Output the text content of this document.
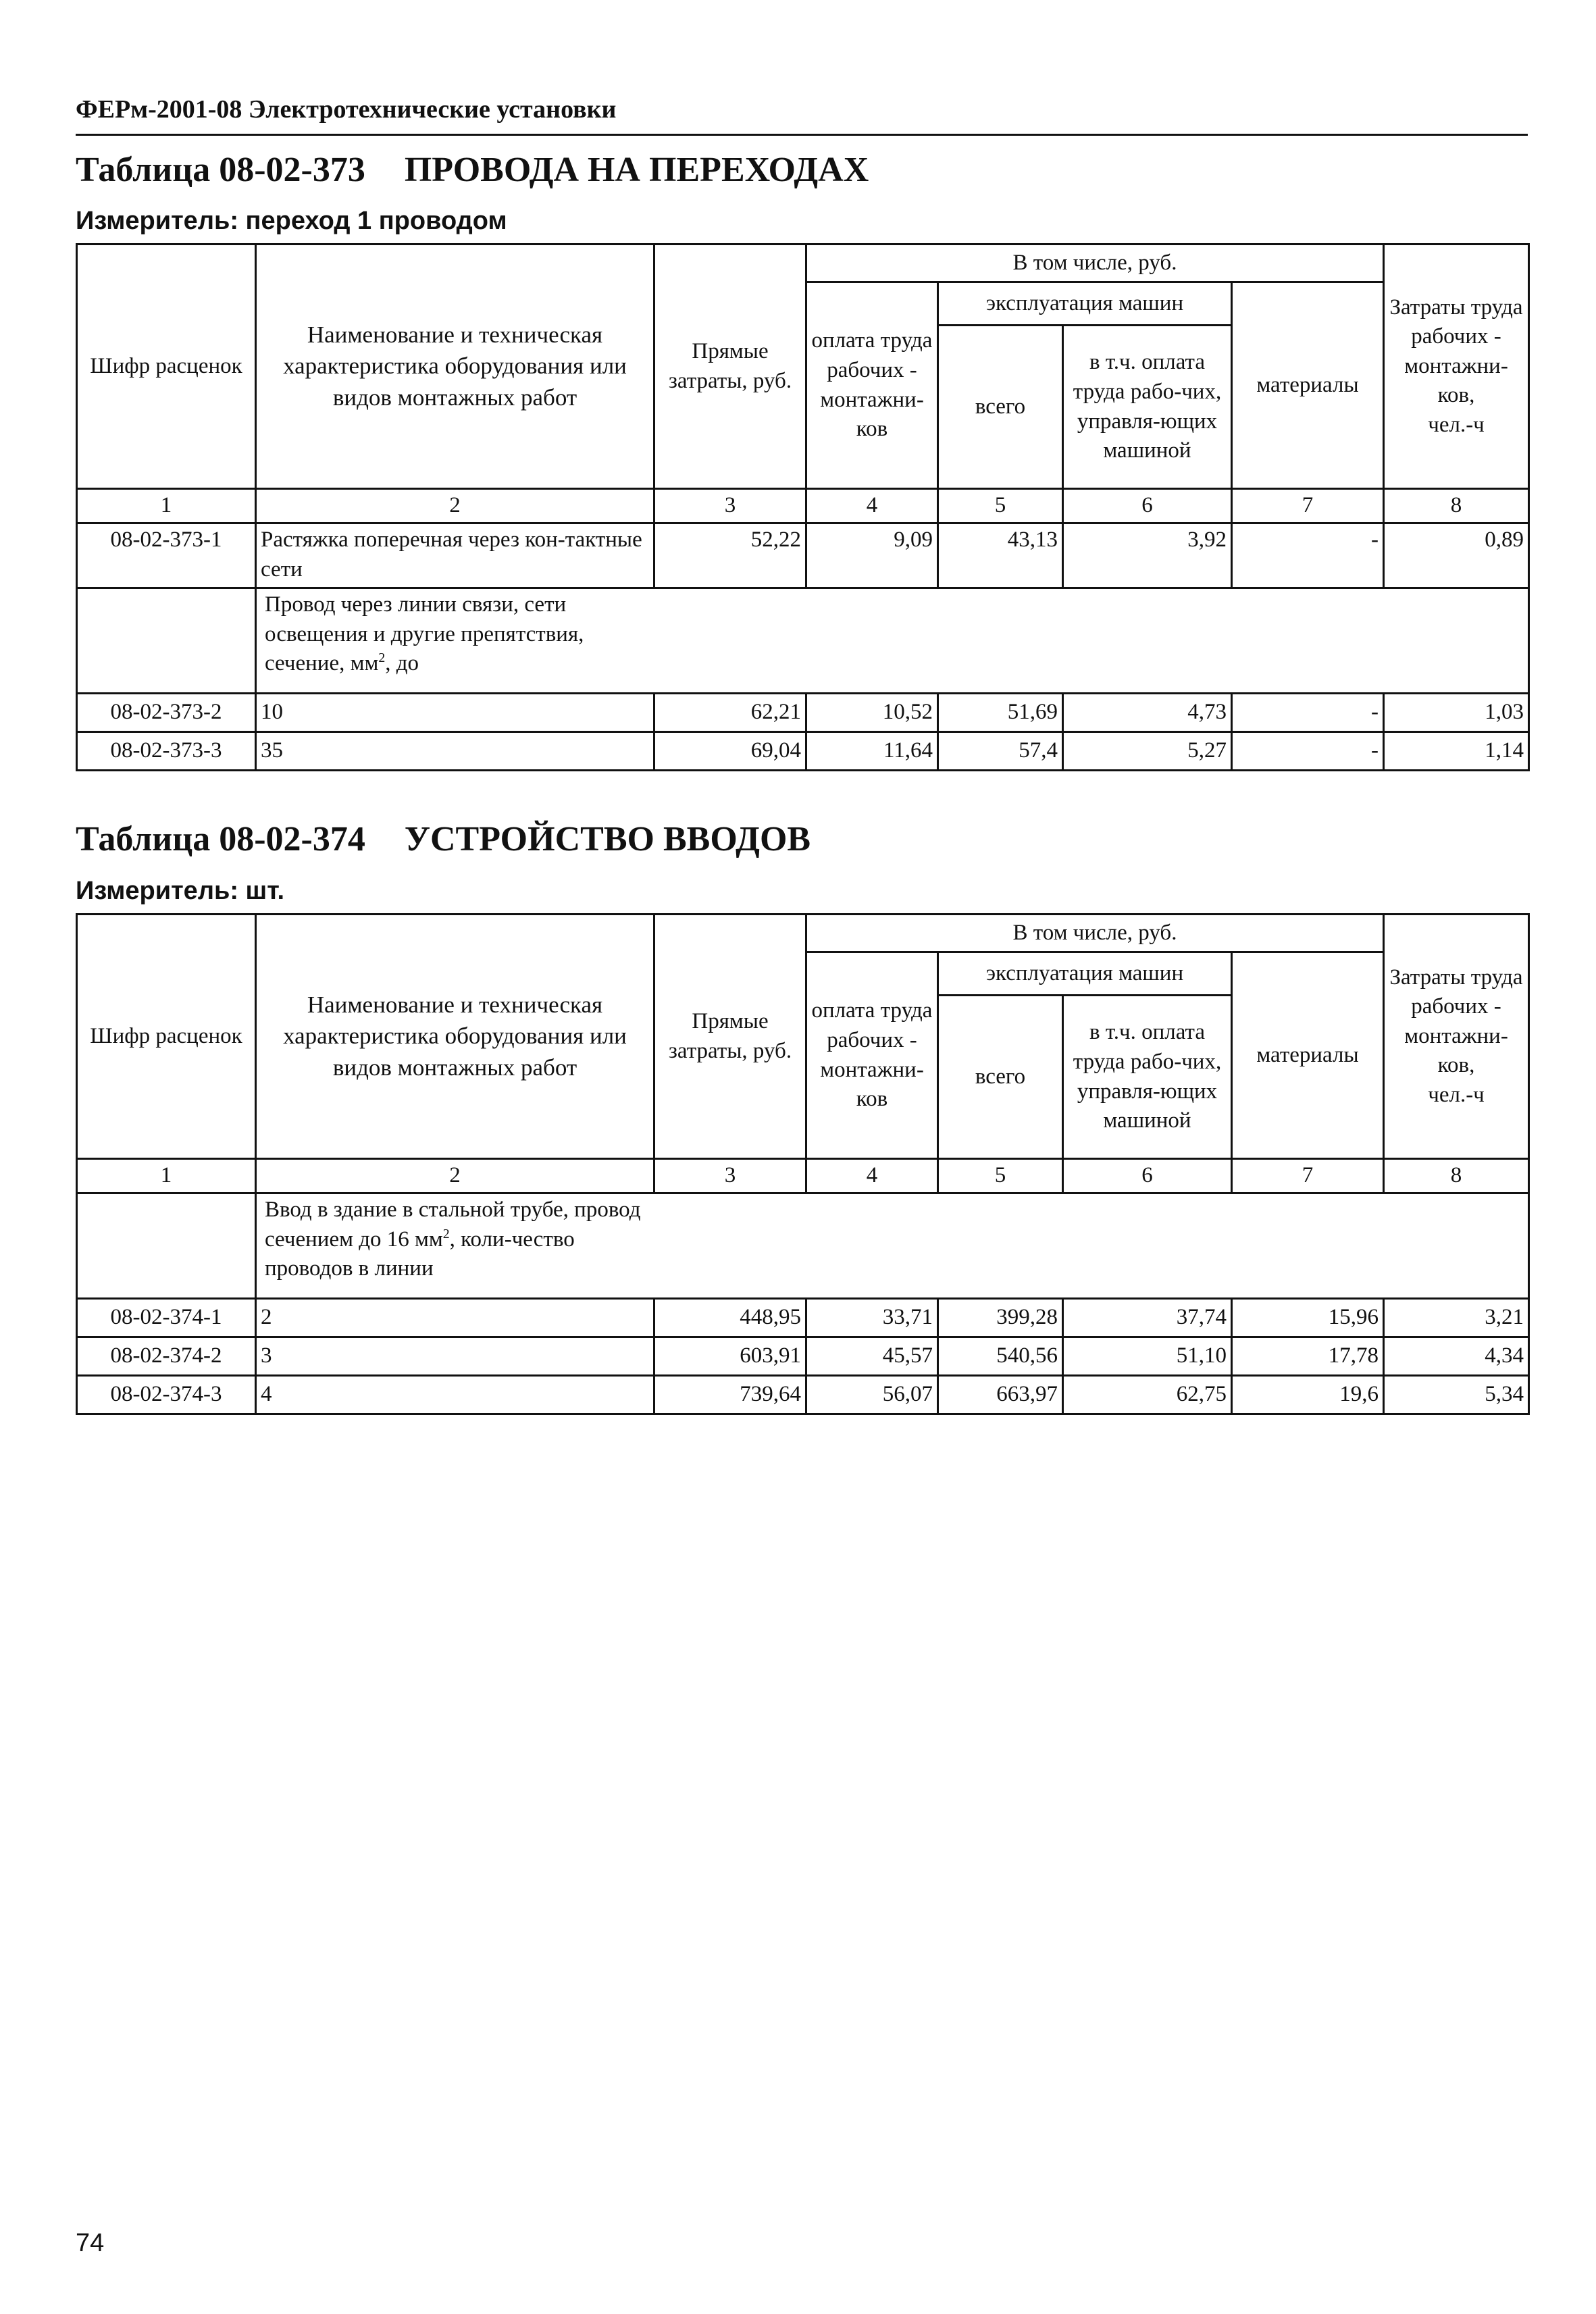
ФЕРм-2001-08 Электротехнические установки
Таблица 08-02-373 ПРОВОДА НА ПЕРЕХОДАХ
Измеритель: переход 1 проводом
Шифр расценок	Наименование и техническая характеристика оборудования или видов монтажных работ	Прямые затраты, руб.	В том числе, руб.				Затраты труда рабочих - монтажни-ков,
чел.-ч
			оплата труда рабочих - монтажни-ков	эксплуатация машин		материалы	
				всего	в т.ч. оплата труда рабо-чих, управля-ющих машиной		
1	2	3	4	5	6	7	8
08-02-373-1	Растяжка поперечная через кон-тактные сети	52,22	9,09	43,13	3,92	-	0,89

	Провод через линии связи, сети освещения и другие препятствия, сечение, $мм^2$, до						

08-02-373-2	10	62,21	10,52	51,69	4,73	-	1,03
08-02-373-3	35	69,04	11,64	57,4	5,27	-	1,14
Таблица 08-02-374 УСТРОЙСТВО ВВОДОВ
Измеритель: шт.
Шифр расценок	Наименование и техническая характеристика оборудования или видов монтажных работ	Прямые затраты, руб.	В том числе, руб.				Затраты труда рабочих - монтажни-ков,
чел.-ч
			оплата труда рабочих - монтажни-ков	эксплуатация машин		материалы	
				всего	в т.ч. оплата труда рабо-чих, управля-ющих машиной		
1	2	3	4	5	6	7	8

	Ввод в здание в стальной трубе, провод сечением до 16 $мм^2$, коли-чество проводов в линии						

08-02-374-1	2	448,95	33,71	399,28	37,74	15,96	3,21
08-02-374-2	3	603,91	45,57	540,56	51,10	17,78	4,34
08-02-374-3	4	739,64	56,07	663,97	62,75	19,6	5,34
74
